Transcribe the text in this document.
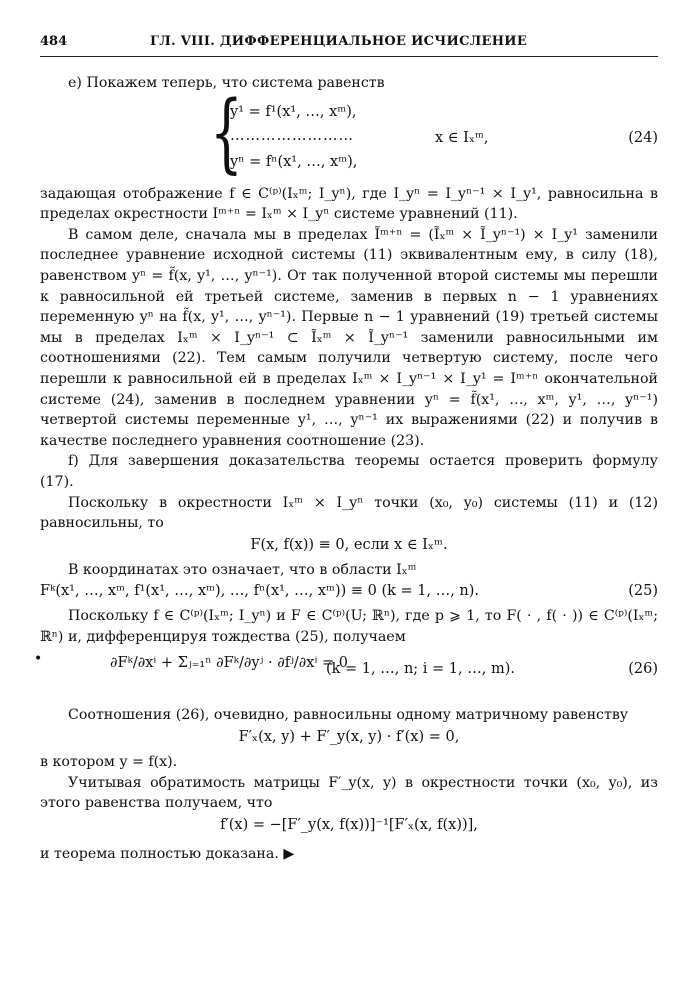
484	ГЛ. VIII. ДИФФЕРЕНЦИАЛЬНОЕ ИСЧИСЛЕНИЕ

e) Покажем теперь, что система равенств

{
y¹ = f¹(x¹, …, xᵐ),
……………………
yⁿ = fⁿ(x¹, …, xᵐ),
x ∈ Iₓᵐ,	(24)

задающая отображение f ∈ C⁽ᵖ⁾(Iₓᵐ; I_yⁿ), где I_yⁿ = I_yⁿ⁻¹ × I_y¹, равносильна в пределах окрестности Iᵐ⁺ⁿ = Iₓᵐ × I_yⁿ системе уравнений (11).

В самом деле, сначала мы в пределах Ĩᵐ⁺ⁿ = (Ĩₓᵐ × Ĩ_yⁿ⁻¹) × I_y¹ заменили последнее уравнение исходной системы (11) эквивалентным ему, в силу (18), равенством yⁿ = f̃(x, y¹, …, yⁿ⁻¹). От так полученной второй системы мы перешли к равносильной ей третьей системе, заменив в первых n − 1 уравнениях переменную yⁿ на f̃(x, y¹, …, yⁿ⁻¹). Первые n − 1 уравнений (19) третьей системы мы в пределах Iₓᵐ × I_yⁿ⁻¹ ⊂ Ĩₓᵐ × Ĩ_yⁿ⁻¹ заменили равносильными им соотношениями (22). Тем самым получили четвертую систему, после чего перешли к равносильной ей в пределах Iₓᵐ × I_yⁿ⁻¹ × I_y¹ = Iᵐ⁺ⁿ окончательной системе (24), заменив в последнем уравнении yⁿ = f̃(x¹, …, xᵐ, y¹, …, yⁿ⁻¹) четвертой системы переменные y¹, …, yⁿ⁻¹ их выражениями (22) и получив в качестве последнего уравнения соотношение (23).

f) Для завершения доказательства теоремы остается проверить формулу (17).

Поскольку в окрестности Iₓᵐ × I_yⁿ точки (x₀, y₀) системы (11) и (12) равносильны, то

F(x, f(x)) ≡ 0, если x ∈ Iₓᵐ.

В координатах это означает, что в области Iₓᵐ

Fᵏ(x¹, …, xᵐ, f¹(x¹, …, xᵐ), …, fⁿ(x¹, …, xᵐ)) ≡ 0 (k = 1, …, n).	(25)

Поскольку f ∈ C⁽ᵖ⁾(Iₓᵐ; I_yⁿ) и F ∈ C⁽ᵖ⁾(U; ℝⁿ), где p ⩾ 1, то F( · , f( · )) ∈ C⁽ᵖ⁾(Iₓᵐ; ℝⁿ) и, дифференцируя тождества (25), получаем

•	∂Fᵏ/∂xⁱ + Σⱼ₌₁ⁿ ∂Fᵏ/∂yʲ · ∂fʲ/∂xⁱ = 0
(k = 1, …, n; i = 1, …, m).	(26)

Соотношения (26), очевидно, равносильны одному матричному равенству

F′ₓ(x, y) + F′_y(x, y) · f′(x) = 0,

в котором y = f(x).

Учитывая обратимость матрицы F′_y(x, y) в окрестности точки (x₀, y₀), из этого равенства получаем, что

f′(x) = −[F′_y(x, f(x))]⁻¹[F′ₓ(x, f(x))],

и теорема полностью доказана. ▶
